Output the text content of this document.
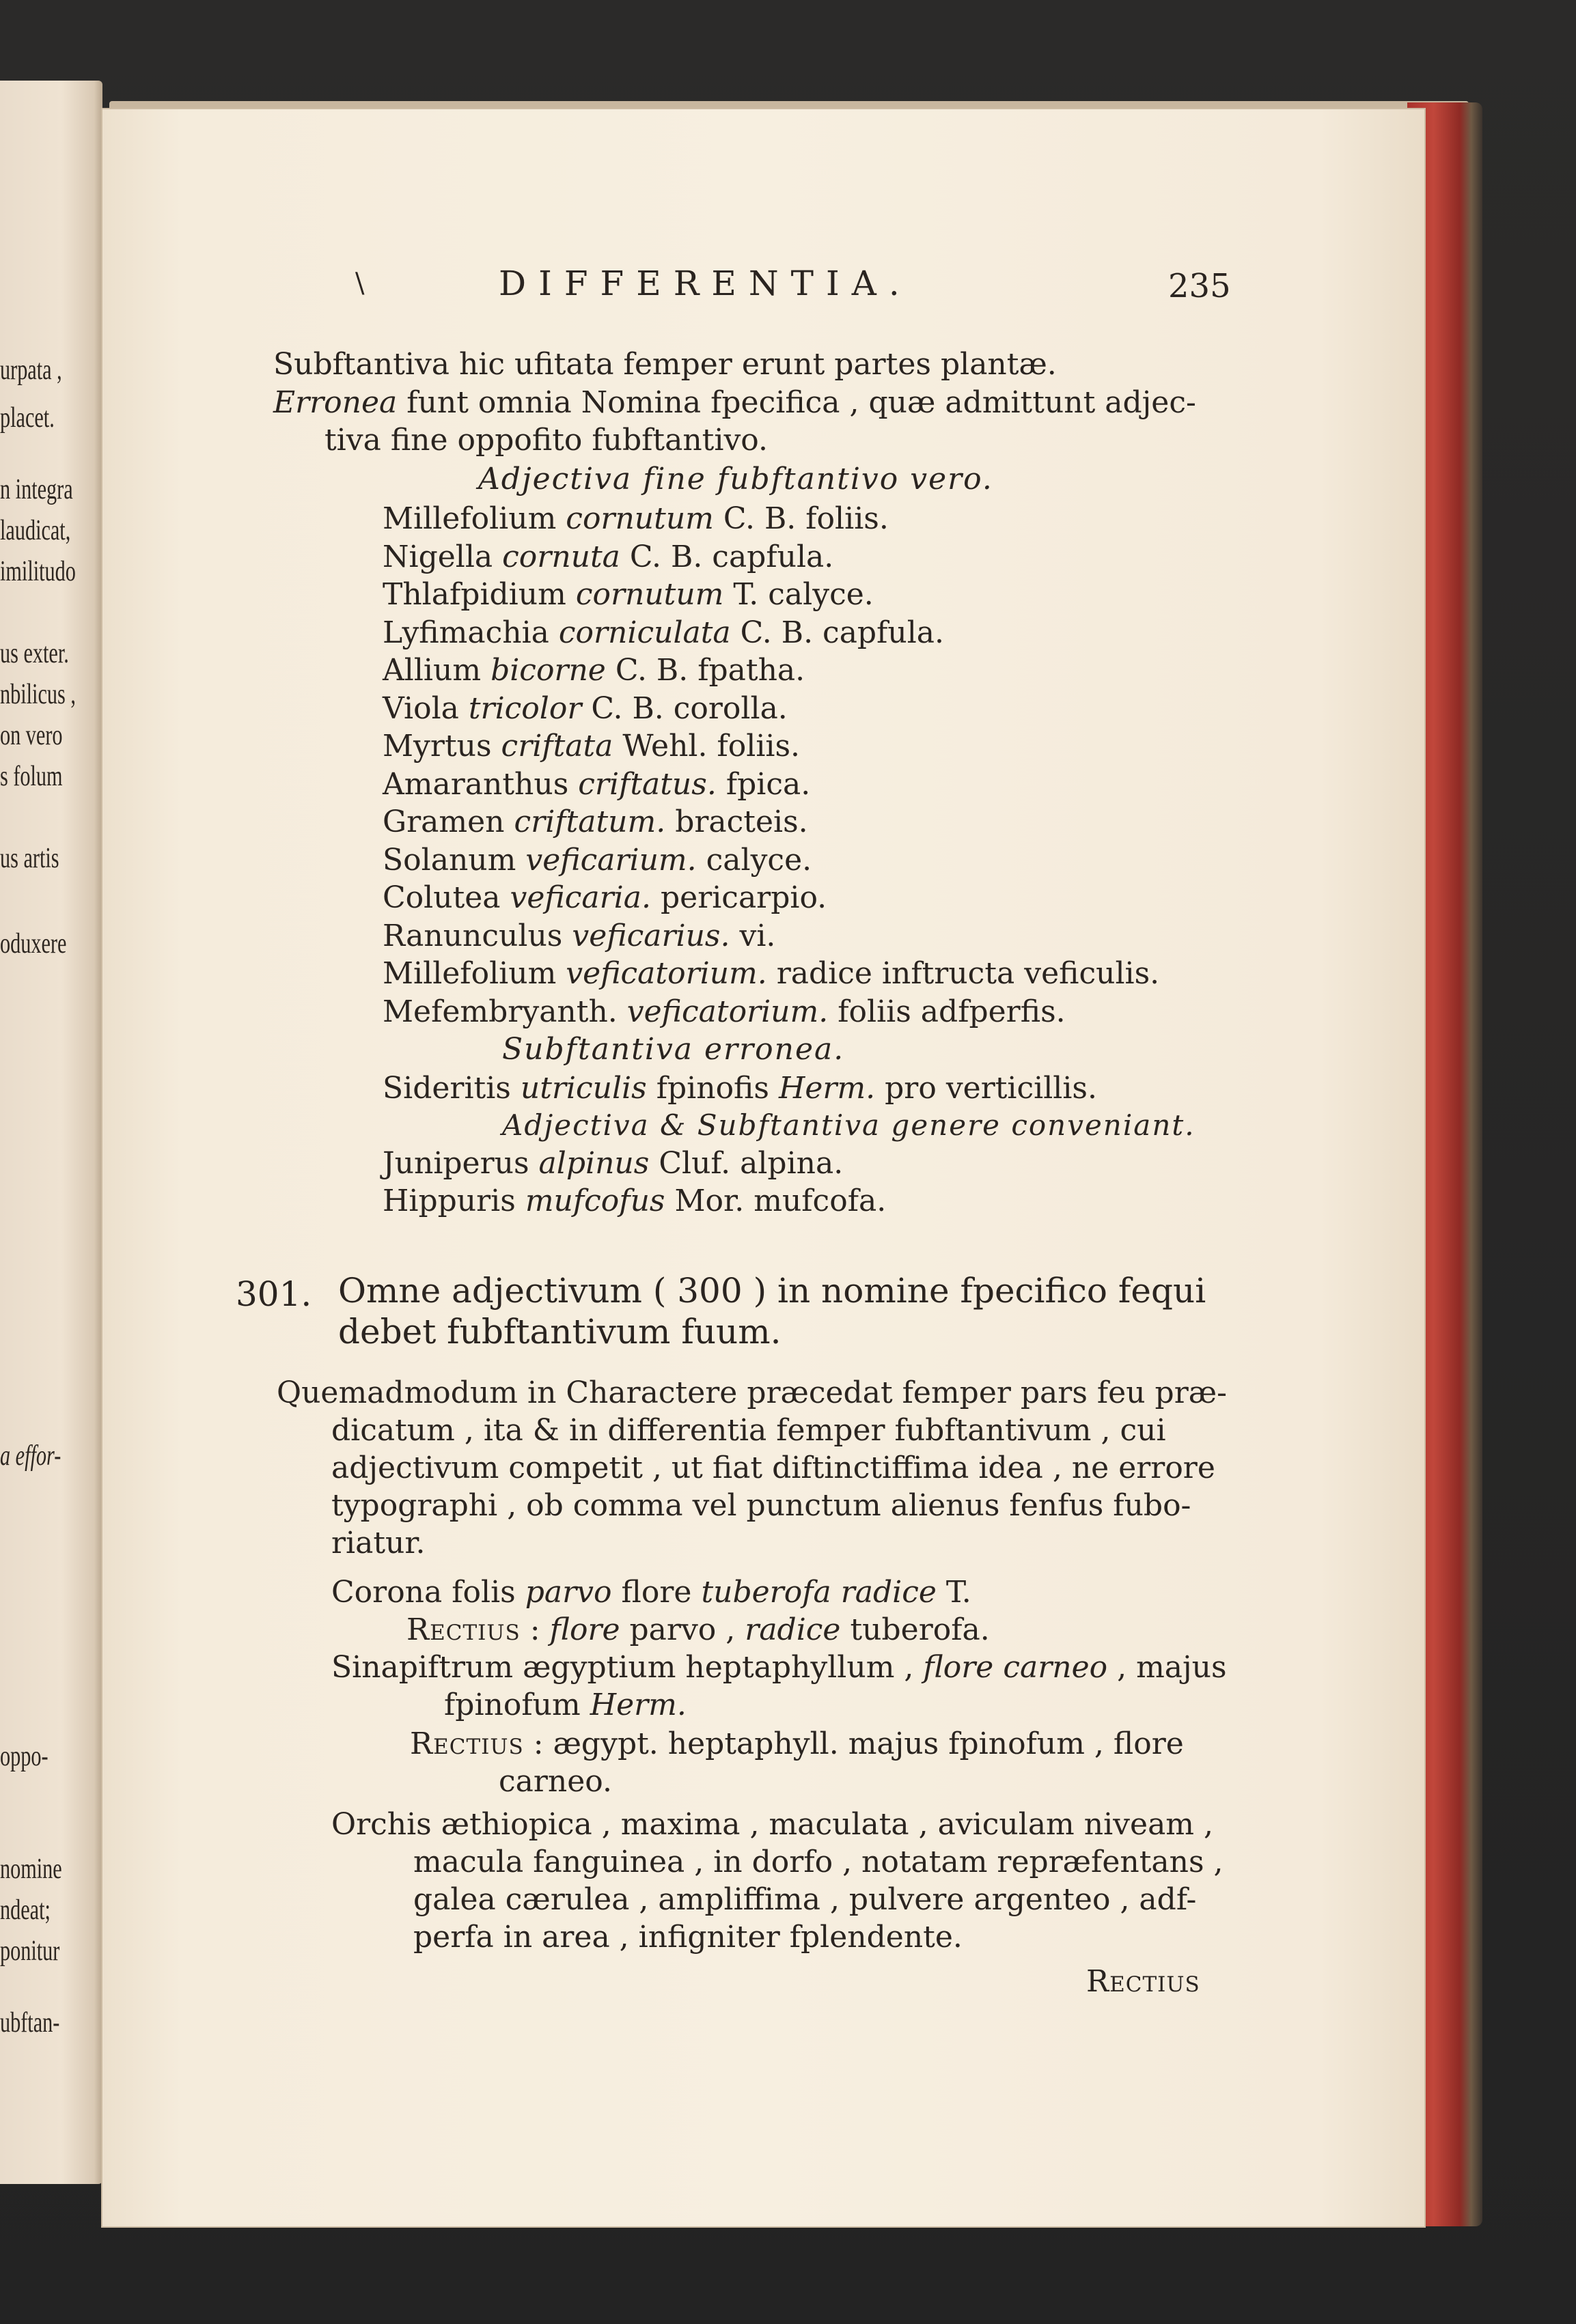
urpata ,
placet.
n integra
laudicat,
imilitudo
us exter.
nbilicus ,
on vero
s folum
us artis
oduxere
a effor-
oppo-
nomine
ndeat;
ponitur
ubftan-
\	DIFFERENTIA.	235
Subftantiva hic ufitata femper erunt partes plantæ.
Erronea funt omnia Nomina fpecifica , quæ admittunt adjec-
tiva fine oppofito fubftantivo.
Adjectiva fine fubftantivo vero.
Millefolium cornutum C. B. foliis.
Nigella cornuta C. B. capfula.
Thlafpidium cornutum T. calyce.
Lyfimachia corniculata C. B. capfula.
Allium bicorne C. B. fpatha.
Viola tricolor C. B. corolla.
Myrtus criftata Wehl. foliis.
Amaranthus criftatus. fpica.
Gramen criftatum. bracteis.
Solanum veficarium. calyce.
Colutea veficaria. pericarpio.
Ranunculus veficarius. vi.
Millefolium veficatorium. radice inftructa veficulis.
Mefembryanth. veficatorium. foliis adfperfis.
Subftantiva erronea.
Sideritis utriculis fpinofis Herm. pro verticillis.
Adjectiva & Subftantiva genere conveniant.
Juniperus alpinus Cluf. alpina.
Hippuris mufcofus Mor. mufcofa.
301. Omne adjectivum ( 300 ) in nomine fpecifico fequi
debet fubftantivum fuum.
Quemadmodum in Charactere præcedat femper pars feu præ-
dicatum , ita & in differentia femper fubftantivum , cui
adjectivum competit , ut fiat diftinctiffima idea , ne errore
typographi , ob comma vel punctum alienus fenfus fubo-
riatur.
Corona folis parvo flore tuberofa radice T.
Rectius : flore parvo , radice tuberofa.
Sinapiftrum ægyptium heptaphyllum , flore carneo , majus
fpinofum Herm.
Rectius : ægypt. heptaphyll. majus fpinofum , flore
carneo.
Orchis æthiopica , maxima , maculata , aviculam niveam ,
macula fanguinea , in dorfo , notatam repræfentans ,
galea cærulea , ampliffima , pulvere argenteo , adf-
perfa in area , infigniter fplendente.
Rectius
